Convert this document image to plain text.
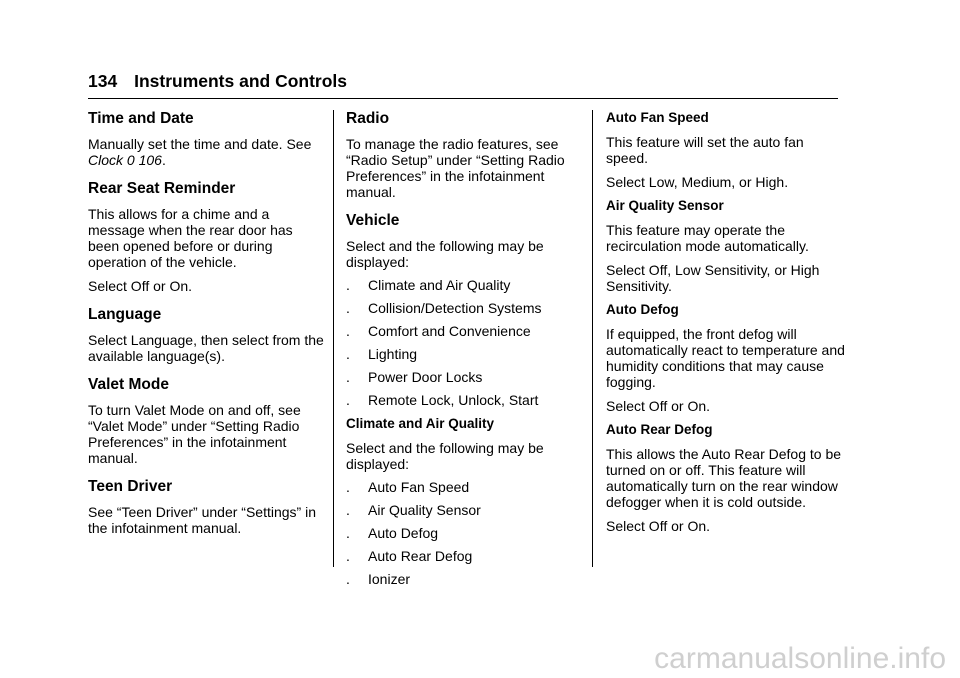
134 Instruments and Controls
Time and Date

Manually set the time and date. See
Clock 0 106.

Rear Seat Reminder

This allows for a chime and a message when the rear door has been opened before or during operation of the vehicle.

Select Off or On.

Language

Select Language, then select from the available language(s).

Valet Mode

To turn Valet Mode on and off, see “Valet Mode” under “Setting Radio Preferences” in the infotainment manual.

Teen Driver

See “Teen Driver” under “Settings” in the infotainment manual.

Radio

To manage the radio features, see “Radio Setup” under “Setting Radio Preferences” in the infotainment manual.

Vehicle

Select and the following may be displayed:

. Climate and Air Quality

. Collision/Detection Systems

. Comfort and Convenience

. Lighting

. Power Door Locks

. Remote Lock, Unlock, Start

Climate and Air Quality

Select and the following may be displayed:

. Auto Fan Speed

. Air Quality Sensor

. Auto Defog

. Auto Rear Defog

. Ionizer

Auto Fan Speed

This feature will set the auto fan speed.

Select Low, Medium, or High.

Air Quality Sensor

This feature may operate the recirculation mode automatically.

Select Off, Low Sensitivity, or High Sensitivity.

Auto Defog

If equipped, the front defog will automatically react to temperature and humidity conditions that may cause fogging.

Select Off or On.

Auto Rear Defog

This allows the Auto Rear Defog to be turned on or off. This feature will automatically turn on the rear window defogger when it is cold outside.

Select Off or On.

carmanualsonline.info
